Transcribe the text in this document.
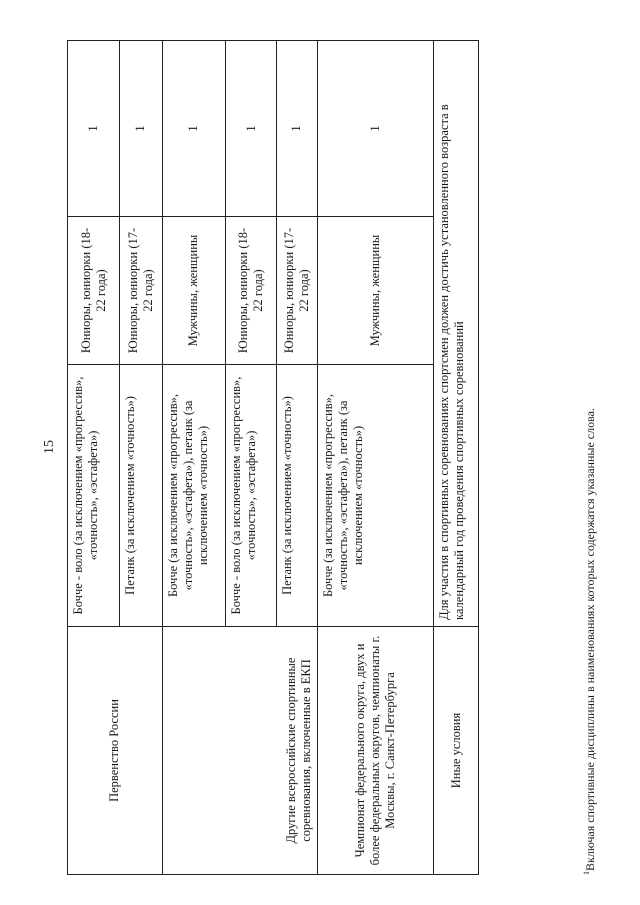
15
Первенство России	Бочче - воло (за исключением «прогрессив», «точность», «эстафета»)	Юниоры, юниорки (18-22 года)	1
	Петанк (за исключением «точность»)	Юниоры, юниорки (17-22 года)	1
Другие всероссийские спортивные соревнования, включенные в ЕКП	Бочче (за исключением «прогрессив», «точность», «эстафета»), петанк (за исключением «точность»)	Мужчины, женщины	1
	Бочче - воло (за исключением «прогрессив», «точность», «эстафета»)	Юниоры, юниорки (18-22 года)	1
	Петанк (за исключением «точность»)	Юниоры, юниорки (17-22 года)	1
Чемпионат федерального округа, двух и более федеральных округов, чемпионаты г. Москвы, г. Санкт-Петербурга	Бочче (за исключением «прогрессив», «точность», «эстафета»), петанк (за исключением «точность»)	Мужчины, женщины	1
Иные условия	Для участия в спортивных соревнованиях спортсмен должен достичь установленного возраста в календарный год проведения спортивных соревнований		
$^1$Включая спортивные дисциплины в наименованиях которых содержатся указанные слова.
